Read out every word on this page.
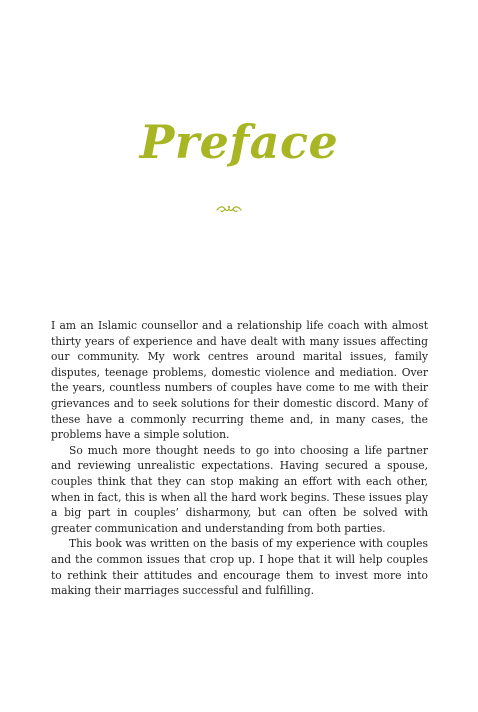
Preface

I am an Islamic counsellor and a relationship life coach with almost thirty years of experience and have dealt with many issues affecting our community. My work centres around marital issues, family disputes, teenage problems, domestic violence and mediation. Over the years, countless numbers of couples have come to me with their grievances and to seek solutions for their domestic discord. Many of these have a commonly recurring theme and, in many cases, the problems have a simple solution.

So much more thought needs to go into choosing a life partner and reviewing unrealistic expectations. Having secured a spouse, couples think that they can stop making an effort with each other, when in fact, this is when all the hard work begins. These issues play a big part in couples’ disharmony, but can often be solved with greater communication and understanding from both parties.

This book was written on the basis of my experience with couples and the common issues that crop up. I hope that it will help couples to rethink their attitudes and encourage them to invest more into making their marriages successful and fulfilling.
